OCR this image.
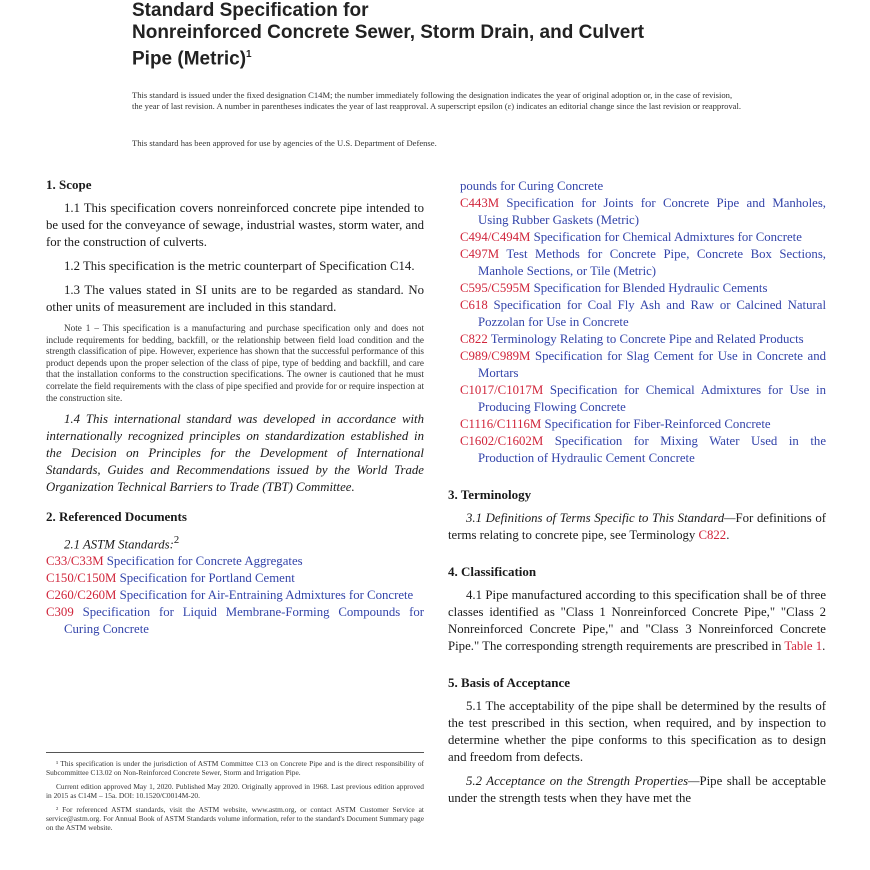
Standard Specification for
Nonreinforced Concrete Sewer, Storm Drain, and Culvert
Pipe (Metric)$^1$

This standard is issued under the fixed designation C14M; the number immediately following the designation indicates the year of original adoption or, in the case of revision, the year of last revision. A number in parentheses indicates the year of last reapproval. A superscript epsilon (ε) indicates an editorial change since the last revision or reapproval.

This standard has been approved for use by agencies of the U.S. Department of Defense.

1. Scope

1.1 This specification covers nonreinforced concrete pipe intended to be used for the conveyance of sewage, industrial wastes, storm water, and for the construction of culverts.

1.2 This specification is the metric counterpart of Specification C14.

1.3 The values stated in SI units are to be regarded as standard. No other units of measurement are included in this standard.

Note 1 – This specification is a manufacturing and purchase specification only and does not include requirements for bedding, backfill, or the relationship between field load condition and the strength classification of pipe. However, experience has shown that the successful performance of this product depends upon the proper selection of the class of pipe, type of bedding and backfill, and care that the installation conforms to the construction specifications. The owner is cautioned that he must correlate the field requirements with the class of pipe specified and provide for or require inspection at the construction site.

1.4 This international standard was developed in accordance with internationally recognized principles on standardization established in the Decision on Principles for the Development of International Standards, Guides and Recommendations issued by the World Trade Organization Technical Barriers to Trade (TBT) Committee.

2. Referenced Documents

2.1 ASTM Standards:$^2$

C33/C33M Specification for Concrete Aggregates

C150/C150M Specification for Portland Cement

C260/C260M Specification for Air-Entraining Admixtures for Concrete

C309 Specification for Liquid Membrane-Forming Compounds for Curing Concrete

¹ This specification is under the jurisdiction of ASTM Committee C13 on Concrete Pipe and is the direct responsibility of Subcommittee C13.02 on Non-Reinforced Concrete Sewer, Storm and Irrigation Pipe.

Current edition approved May 1, 2020. Published May 2020. Originally approved in 1968. Last previous edition approved in 2015 as C14M – 15a. DOI: 10.1520/C0014M-20.

² For referenced ASTM standards, visit the ASTM website, www.astm.org, or contact ASTM Customer Service at service@astm.org. For Annual Book of ASTM Standards volume information, refer to the standard's Document Summary page on the ASTM website.

pounds for Curing Concrete

C443M Specification for Joints for Concrete Pipe and Manholes, Using Rubber Gaskets (Metric)

C494/C494M Specification for Chemical Admixtures for Concrete

C497M Test Methods for Concrete Pipe, Concrete Box Sections, Manhole Sections, or Tile (Metric)

C595/C595M Specification for Blended Hydraulic Cements

C618 Specification for Coal Fly Ash and Raw or Calcined Natural Pozzolan for Use in Concrete

C822 Terminology Relating to Concrete Pipe and Related Products

C989/C989M Specification for Slag Cement for Use in Concrete and Mortars

C1017/C1017M Specification for Chemical Admixtures for Use in Producing Flowing Concrete

C1116/C1116M Specification for Fiber-Reinforced Concrete

C1602/C1602M Specification for Mixing Water Used in the Production of Hydraulic Cement Concrete

3. Terminology

3.1 Definitions of Terms Specific to This Standard—For definitions of terms relating to concrete pipe, see Terminology C822.

4. Classification

4.1 Pipe manufactured according to this specification shall be of three classes identified as "Class 1 Nonreinforced Concrete Pipe," "Class 2 Nonreinforced Concrete Pipe," and "Class 3 Nonreinforced Concrete Pipe." The corresponding strength requirements are prescribed in Table 1.

5. Basis of Acceptance

5.1 The acceptability of the pipe shall be determined by the results of the test prescribed in this section, when required, and by inspection to determine whether the pipe conforms to this specification as to design and freedom from defects.

5.2 Acceptance on the Strength Properties—Pipe shall be acceptable under the strength tests when they have met the
